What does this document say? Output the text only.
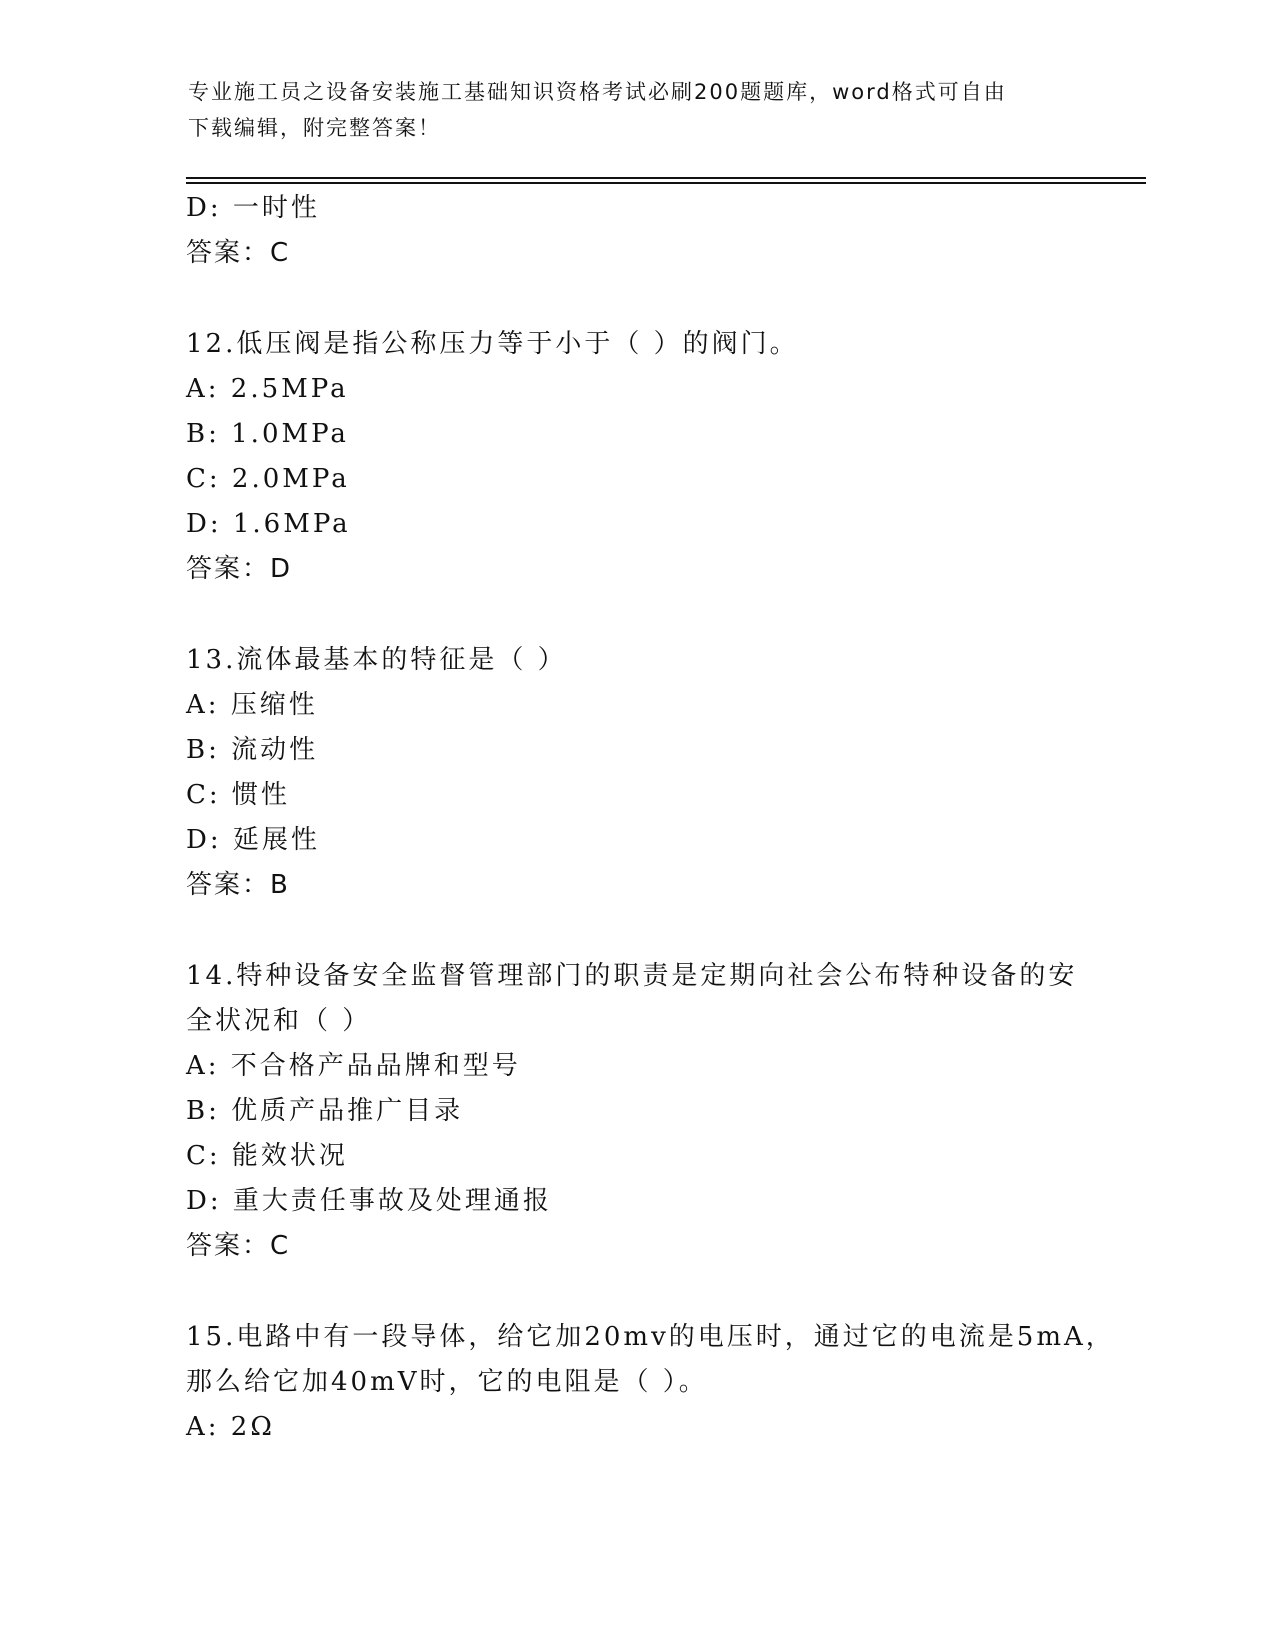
专业施工员之设备安装施工基础知识资格考试必刷200题题库，word格式可自由
下载编辑，附完整答案！
D: 一时性
答案：C
12.低压阀是指公称压力等于小于（ ）的阀门。
A: 2.5MPa
B: 1.0MPa
C: 2.0MPa
D: 1.6MPa
答案：D
13.流体最基本的特征是（ ）
A: 压缩性
B: 流动性
C: 惯性
D: 延展性
答案：B
14.特种设备安全监督管理部门的职责是定期向社会公布特种设备的安
全状况和（ ）
A: 不合格产品品牌和型号
B: 优质产品推广目录
C: 能效状况
D: 重大责任事故及处理通报
答案：C
15.电路中有一段导体，给它加20mv的电压时，通过它的电流是5mA，
那么给它加40mV时，它的电阻是（ ）。
A: 2Ω
